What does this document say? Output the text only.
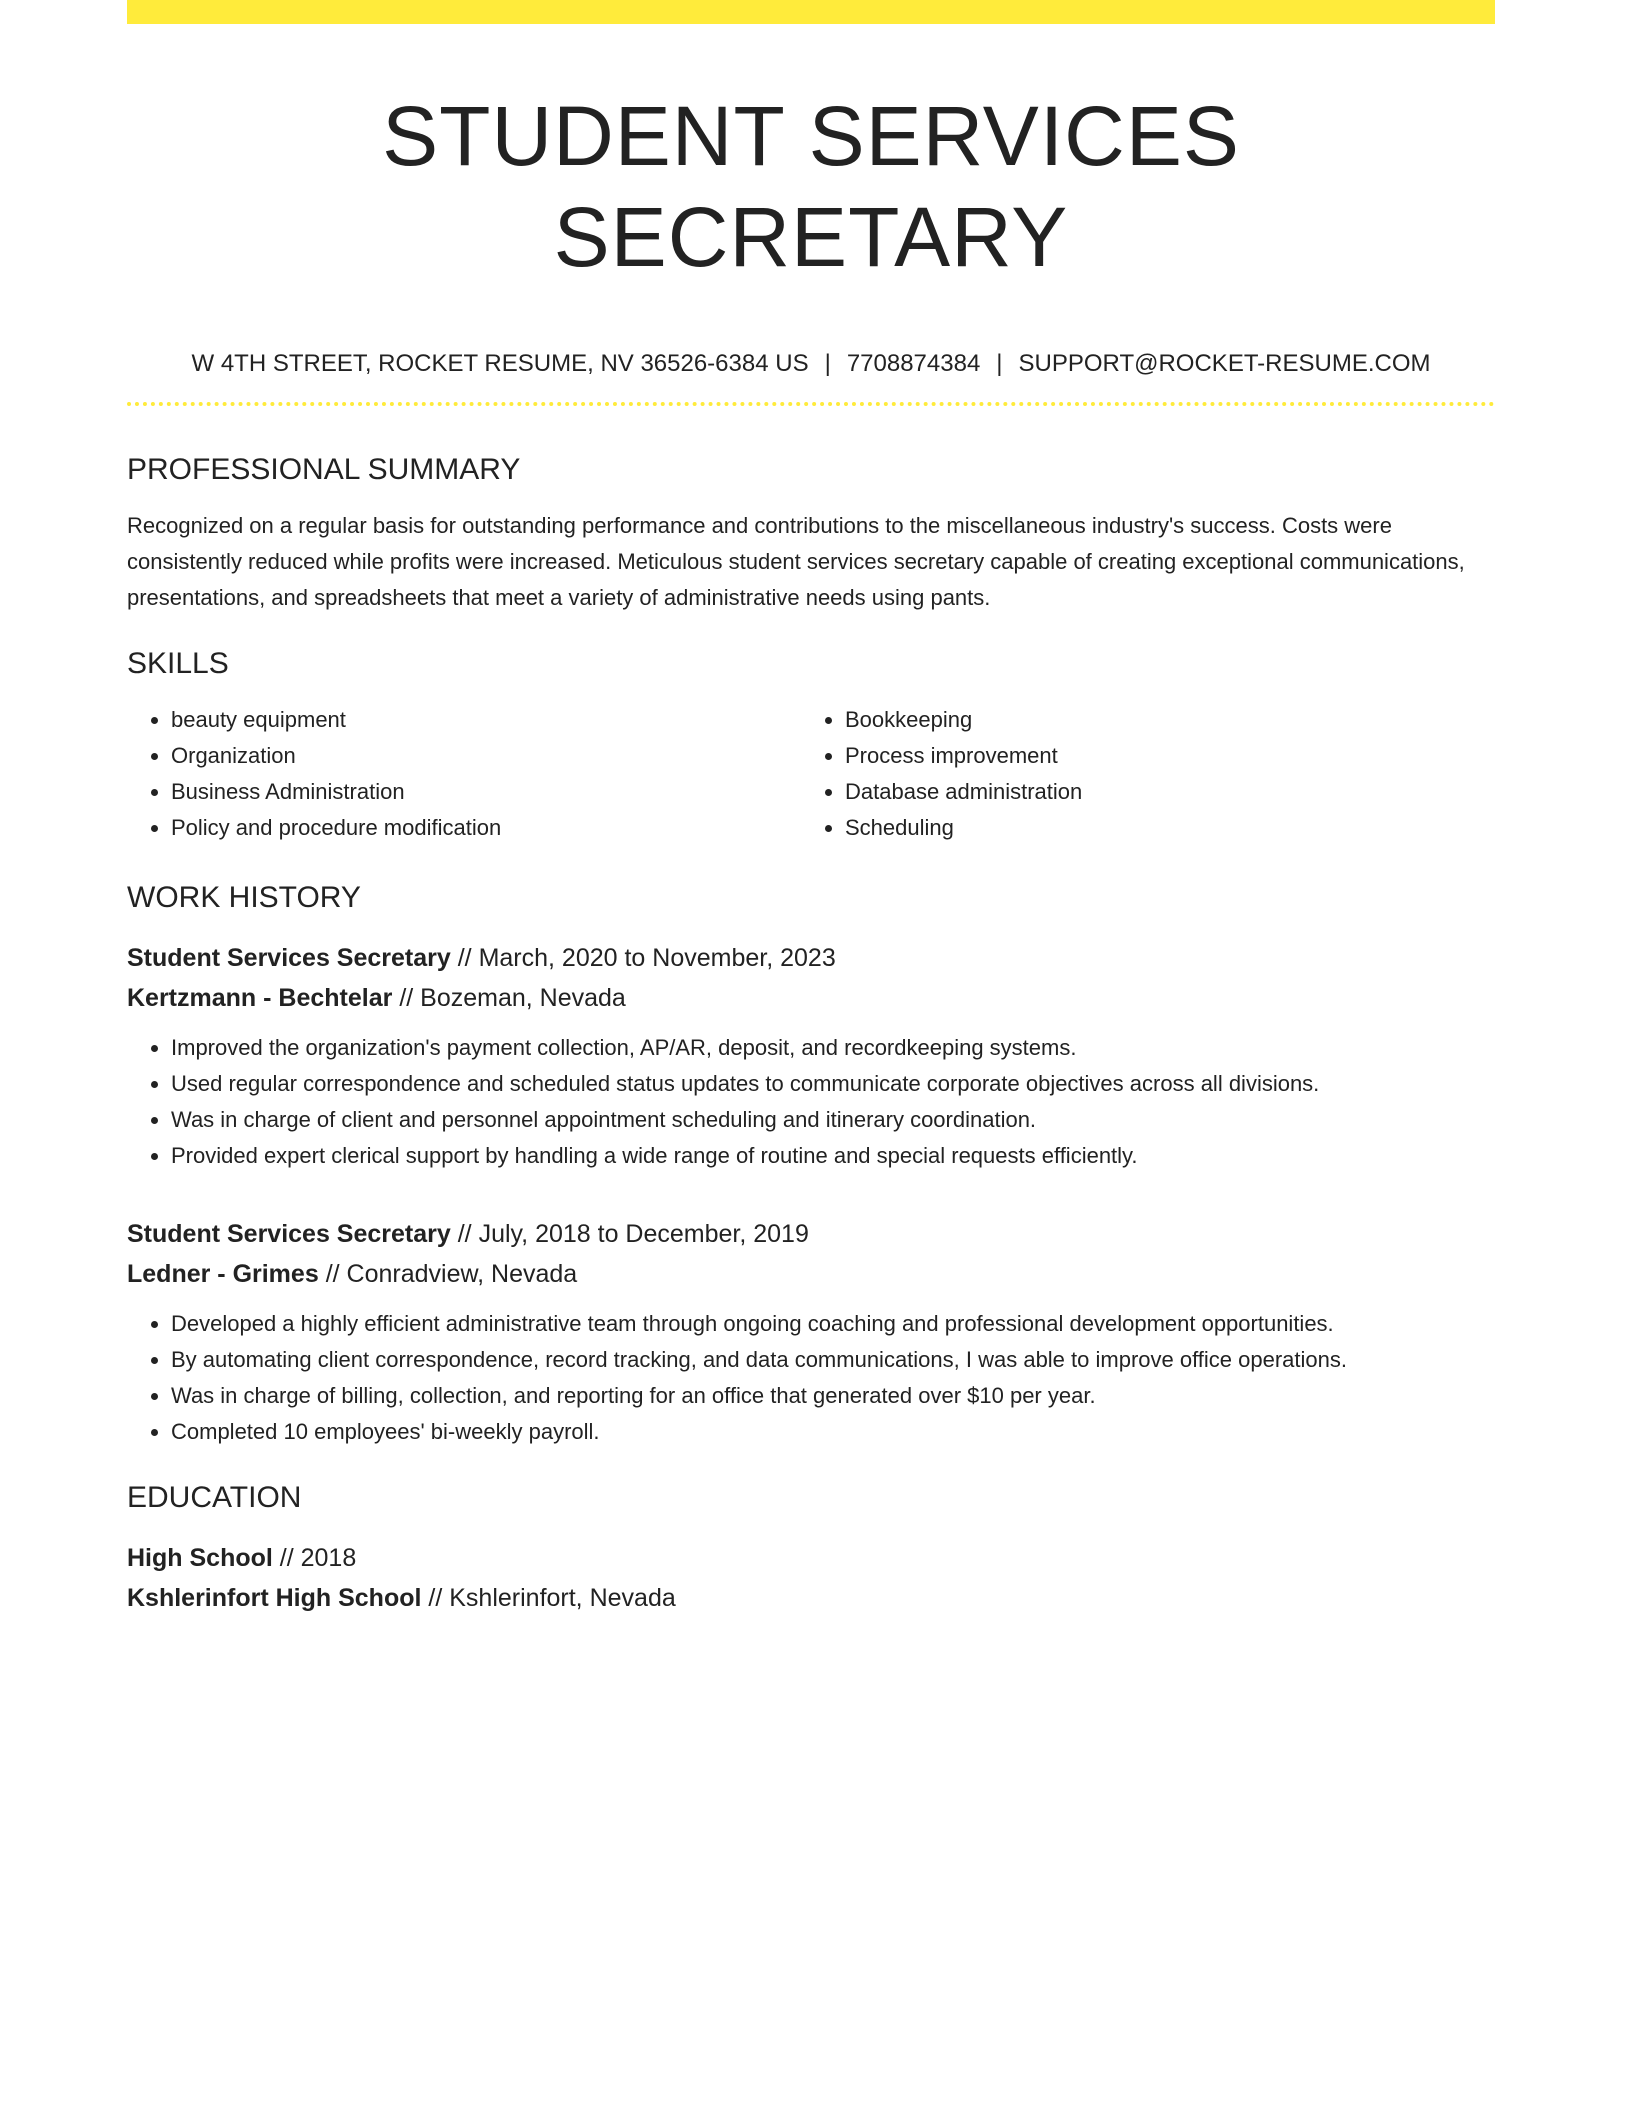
STUDENT SERVICES SECRETARY
W 4TH STREET, ROCKET RESUME, NV 36526-6384 US | 7708874384 | SUPPORT@ROCKET-RESUME.COM
PROFESSIONAL SUMMARY

Recognized on a regular basis for outstanding performance and contributions to the miscellaneous industry's success. Costs were consistently reduced while profits were increased. Meticulous student services secretary capable of creating exceptional communications, presentations, and spreadsheets that meet a variety of administrative needs using pants.

SKILLS
• beauty equipment
• Organization
• Business Administration
• Policy and procedure modification
• Bookkeeping
• Process improvement
• Database administration
• Scheduling
WORK HISTORY
Student Services Secretary // March, 2020 to November, 2023
Kertzmann - Bechtelar // Bozeman, Nevada
• Improved the organization's payment collection, AP/AR, deposit, and recordkeeping systems.
• Used regular correspondence and scheduled status updates to communicate corporate objectives across all divisions.
• Was in charge of client and personnel appointment scheduling and itinerary coordination.
• Provided expert clerical support by handling a wide range of routine and special requests efficiently.
Student Services Secretary // July, 2018 to December, 2019
Ledner - Grimes // Conradview, Nevada
• Developed a highly efficient administrative team through ongoing coaching and professional development opportunities.
• By automating client correspondence, record tracking, and data communications, I was able to improve office operations.
• Was in charge of billing, collection, and reporting for an office that generated over $10 per year.
• Completed 10 employees' bi-weekly payroll.
EDUCATION
High School // 2018
Kshlerinfort High School // Kshlerinfort, Nevada
